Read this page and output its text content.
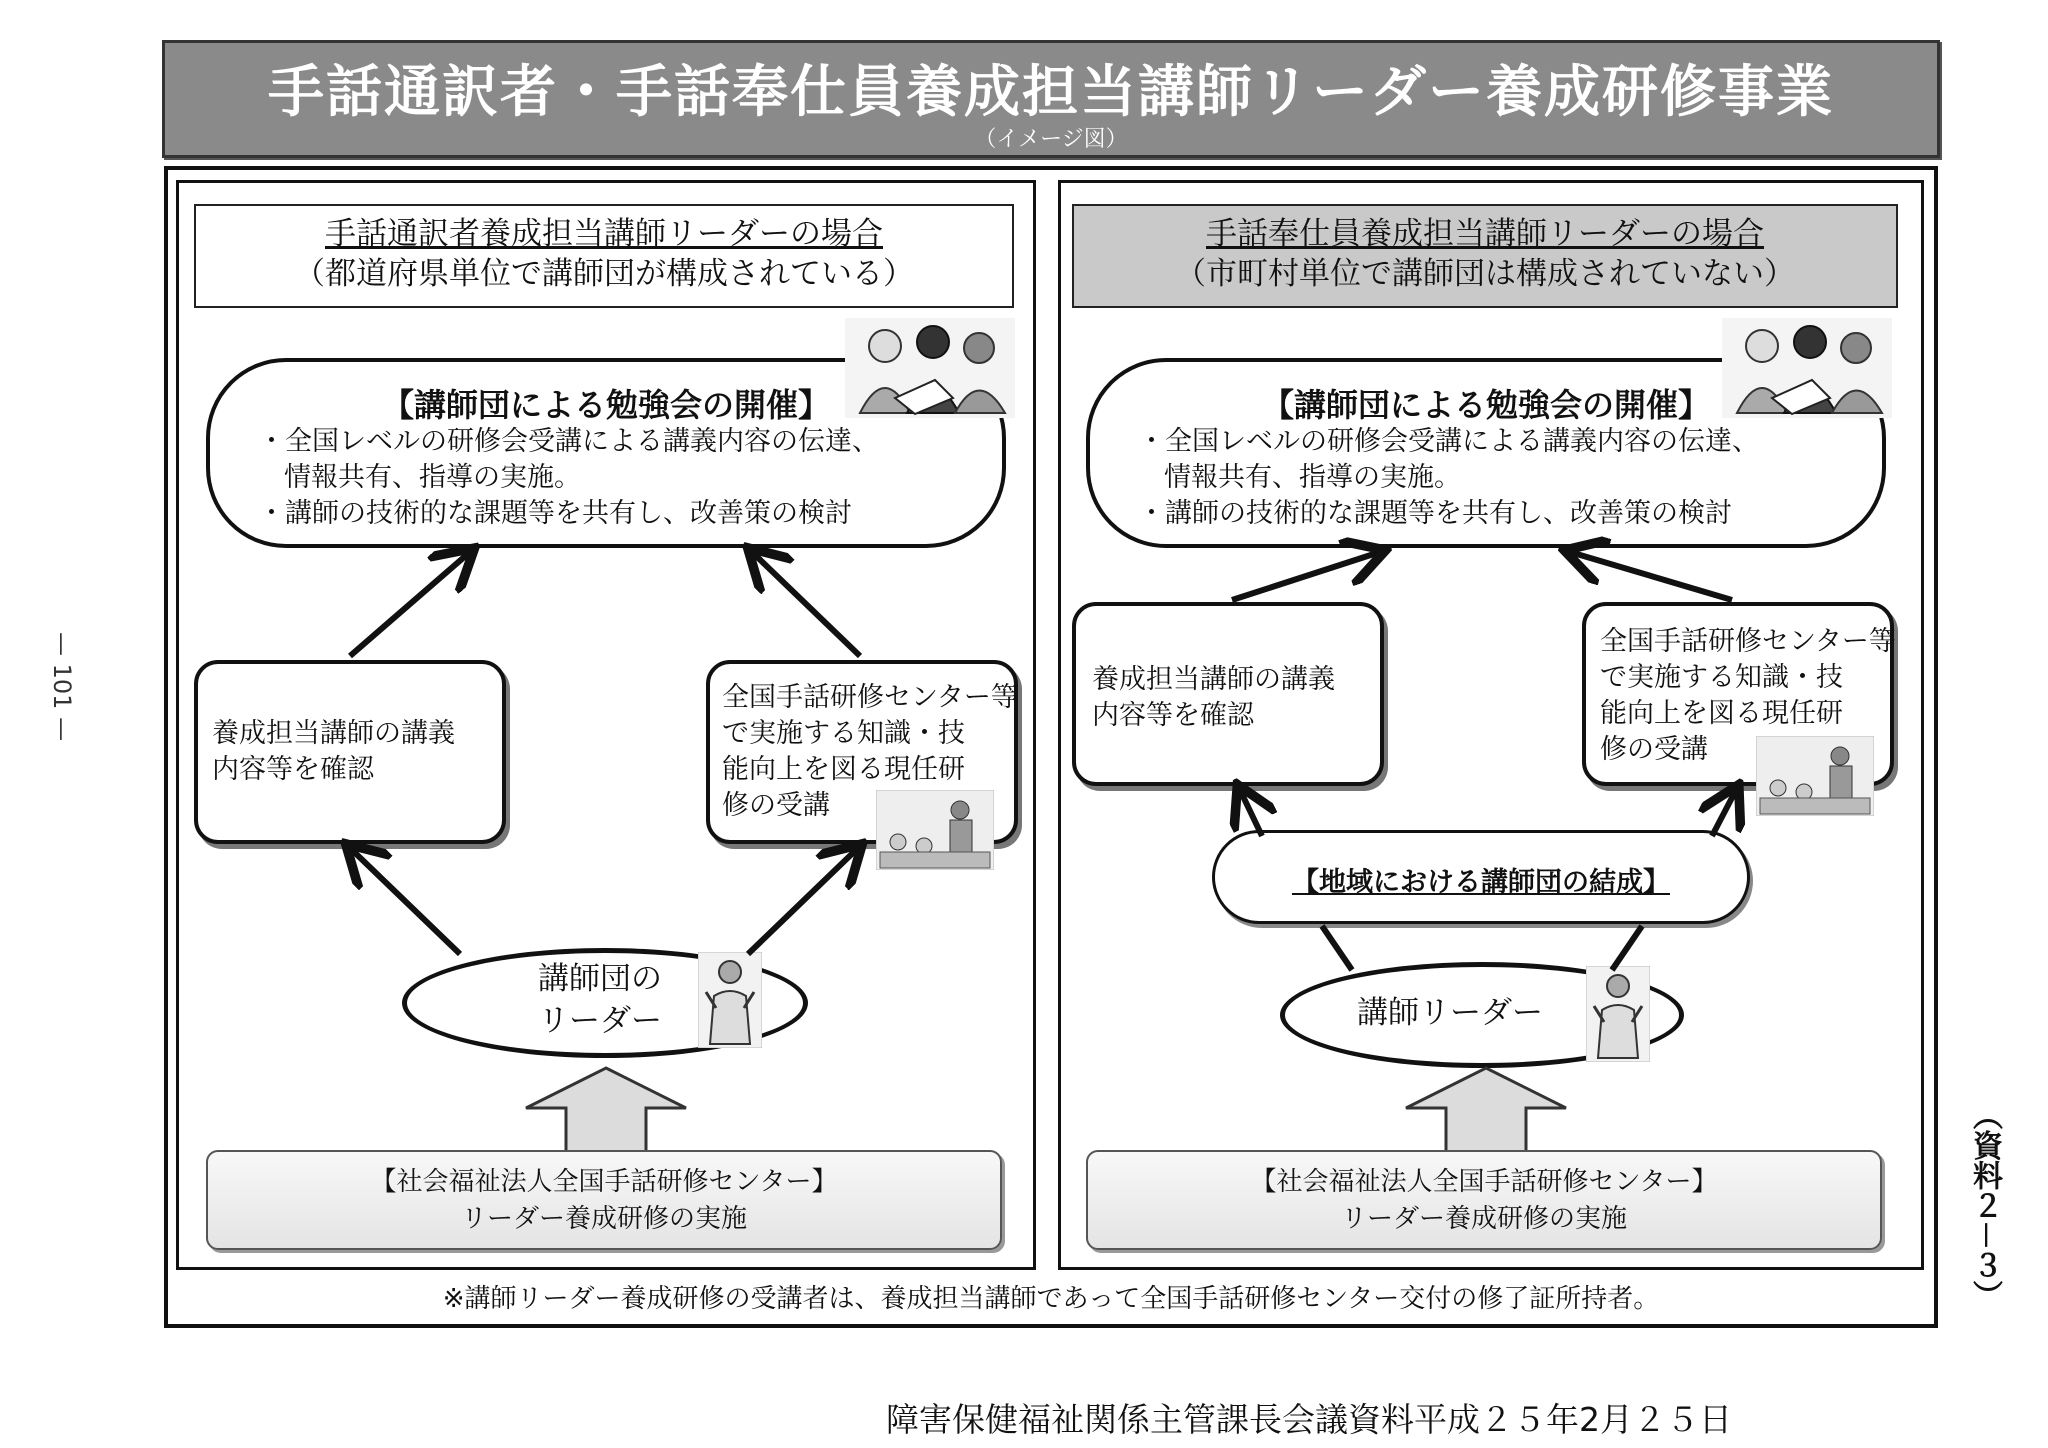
手話通訳者・手話奉仕員養成担当講師リーダー養成研修事業
（イメージ図）
— 101 —
（資料２－３）
手話通訳者養成担当講師リーダーの場合
（都道府県単位で講師団が構成されている）
【講師団による勉強会の開催】
・全国レベルの研修会受講による講義内容の伝達、
情報共有、指導の実施。
・講師の技術的な課題等を共有し、改善策の検討
養成担当講師の講義
内容等を確認
全国手話研修センター等
で実施する知識・技
能向上を図る現任研
修の受講
講師団の
リーダー
【社会福祉法人全国手話研修センター】
リーダー養成研修の実施
手話奉仕員養成担当講師リーダーの場合
（市町村単位で講師団は構成されていない）
【講師団による勉強会の開催】
・全国レベルの研修会受講による講義内容の伝達、
情報共有、指導の実施。
・講師の技術的な課題等を共有し、改善策の検討
養成担当講師の講義
内容等を確認
全国手話研修センター等
で実施する知識・技
能向上を図る現任研
修の受講
【地域における講師団の結成】
講師リーダー
【社会福祉法人全国手話研修センター】
リーダー養成研修の実施
※講師リーダー養成研修の受講者は、養成担当講師であって全国手話研修センター交付の修了証所持者。
障害保健福祉関係主管課長会議資料平成２５年2月２５日
